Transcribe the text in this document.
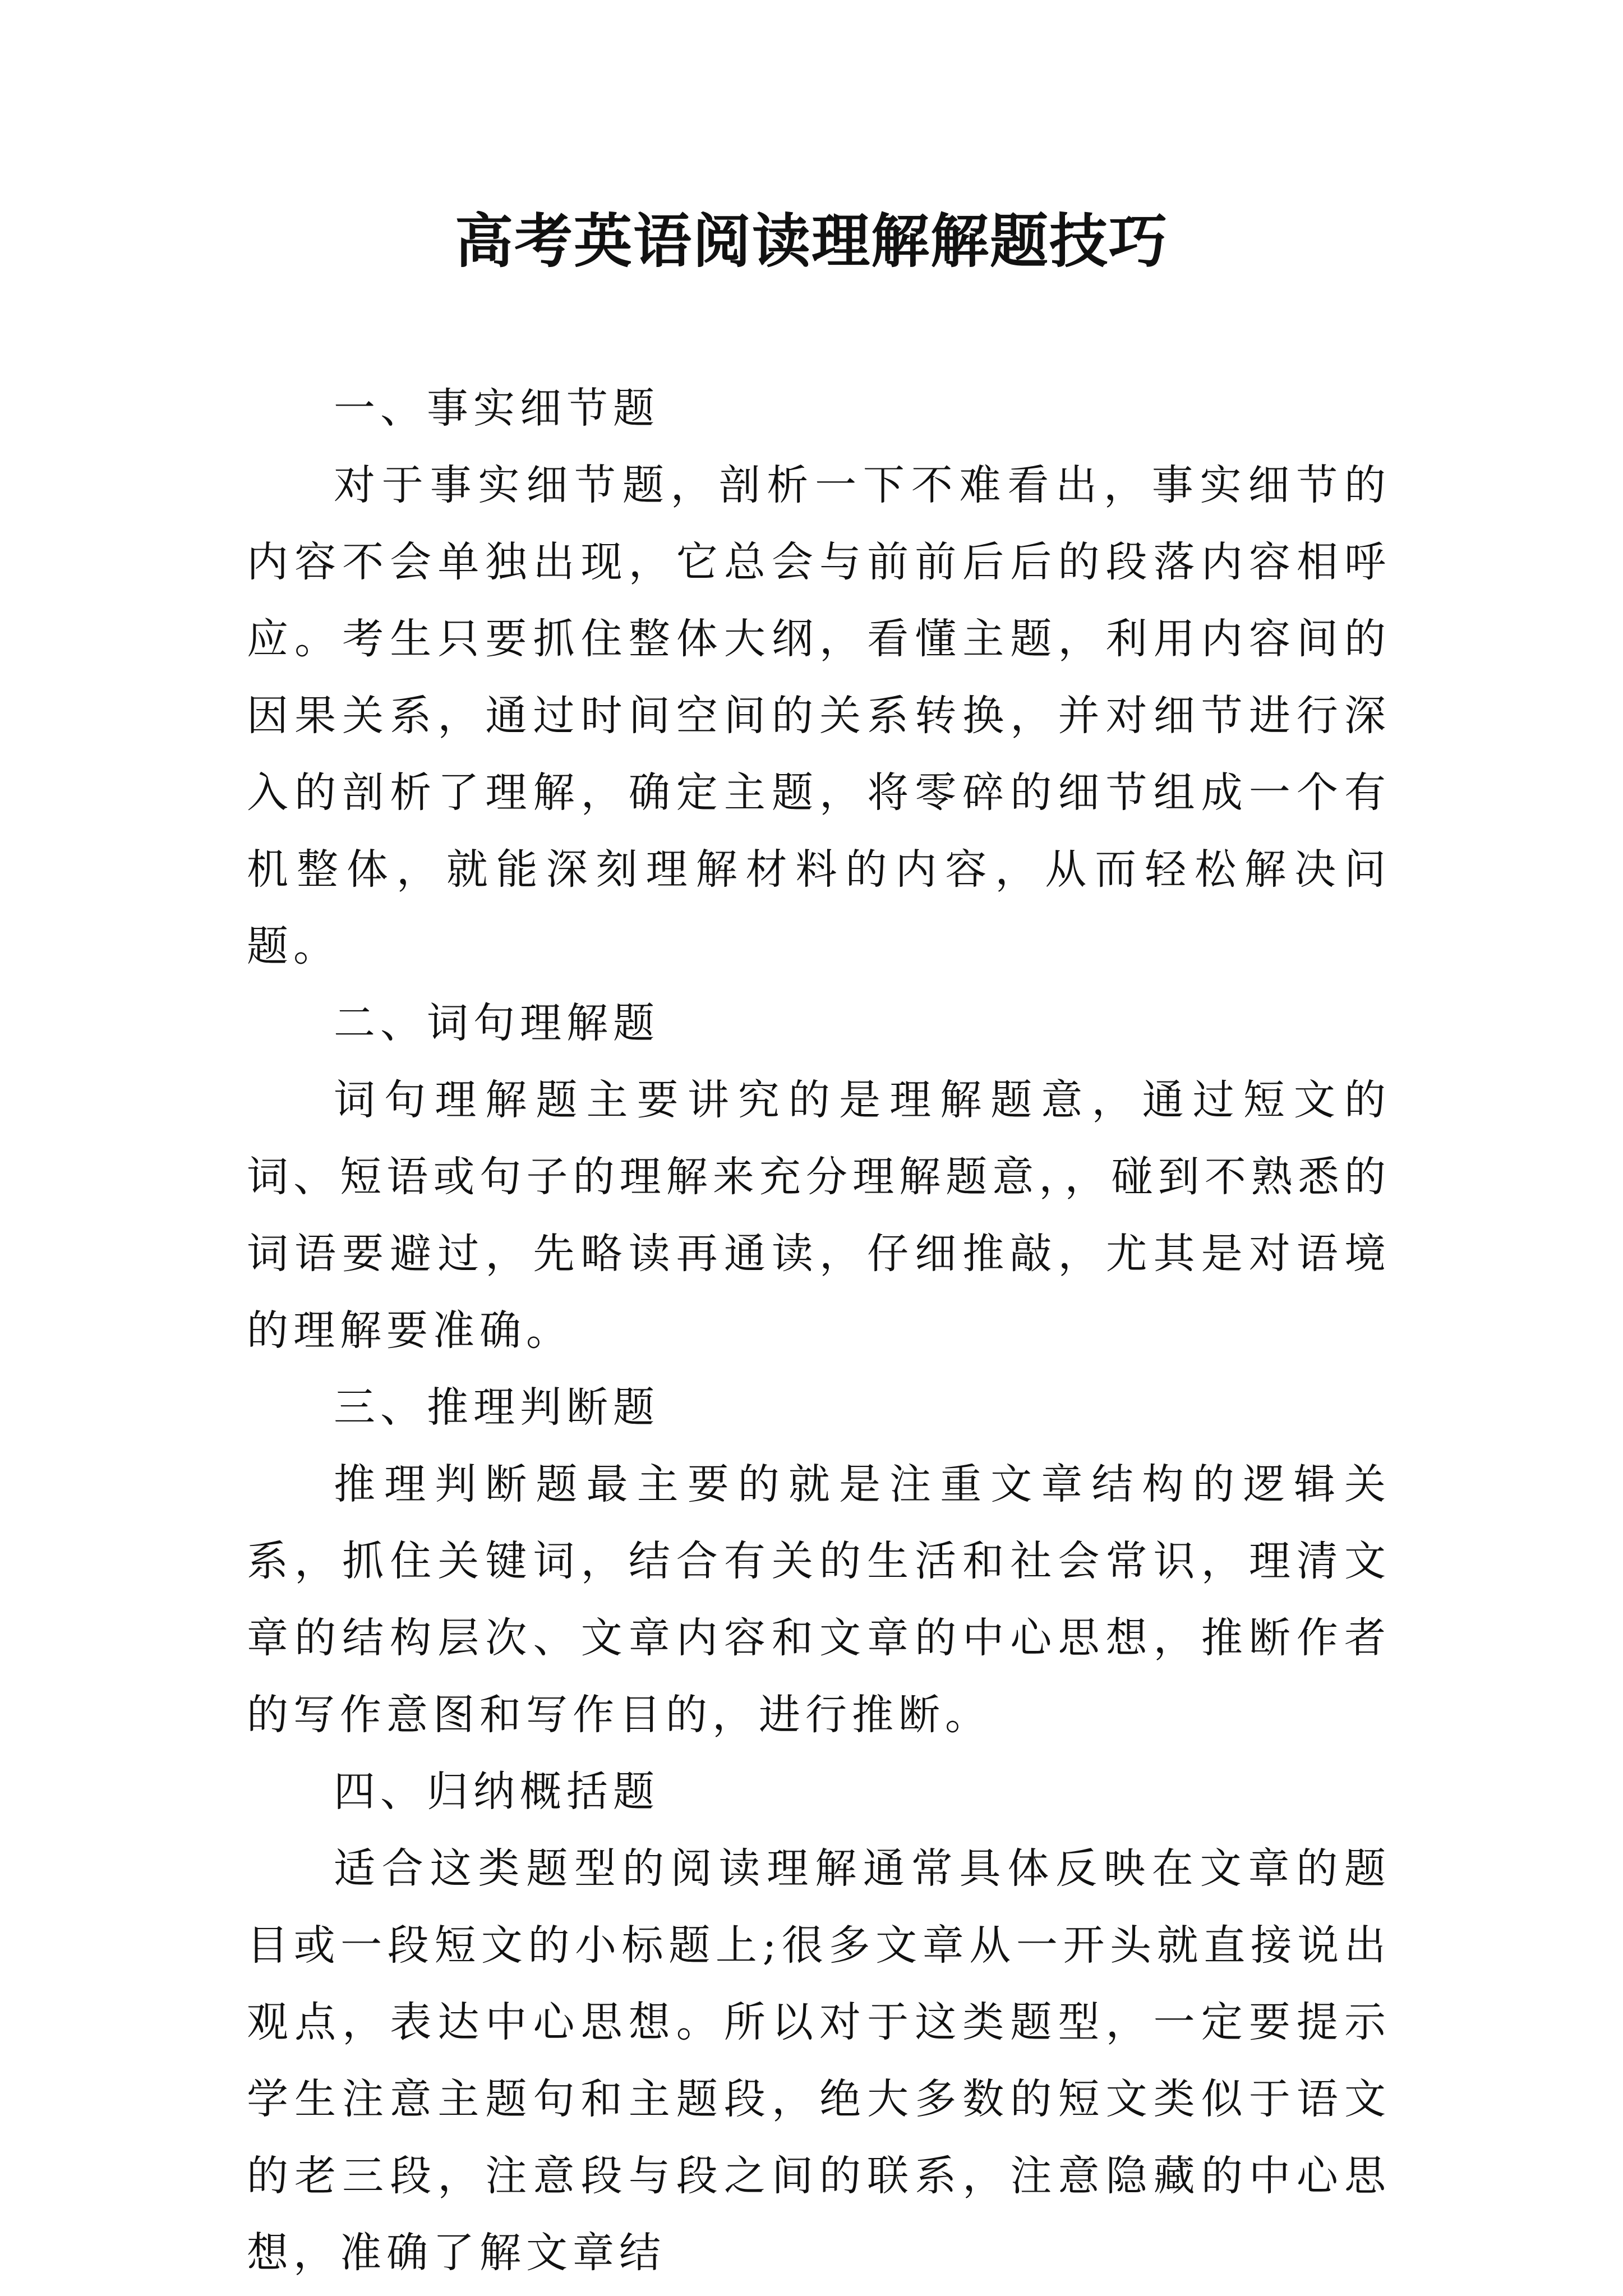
高考英语阅读理解解题技巧

一、事实细节题

对于事实细节题，剖析一下不难看出，事实细节的内容不会单独出现，它总会与前前后后的段落内容相呼应。考生只要抓住整体大纲，看懂主题，利用内容间的因果关系，通过时间空间的关系转换，并对细节进行深入的剖析了理解，确定主题，将零碎的细节组成一个有机整体，就能深刻理解材料的内容，从而轻松解决问题。

二、词句理解题

词句理解题主要讲究的是理解题意，通过短文的词、短语或句子的理解来充分理解题意，，碰到不熟悉的词语要避过，先略读再通读，仔细推敲，尤其是对语境的理解要准确。

三、推理判断题

推理判断题最主要的就是注重文章结构的逻辑关系，抓住关键词，结合有关的生活和社会常识，理清文章的结构层次、文章内容和文章的中心思想，推断作者的写作意图和写作目的，进行推断。

四、归纳概括题

适合这类题型的阅读理解通常具体反映在文章的题目或一段短文的小标题上;很多文章从一开头就直接说出观点，表达中心思想。所以对于这类题型，一定要提示学生注意主题句和主题段，绝大多数的短文类似于语文的老三段，注意段与段之间的联系，注意隐藏的中心思想，准确了解文章结
